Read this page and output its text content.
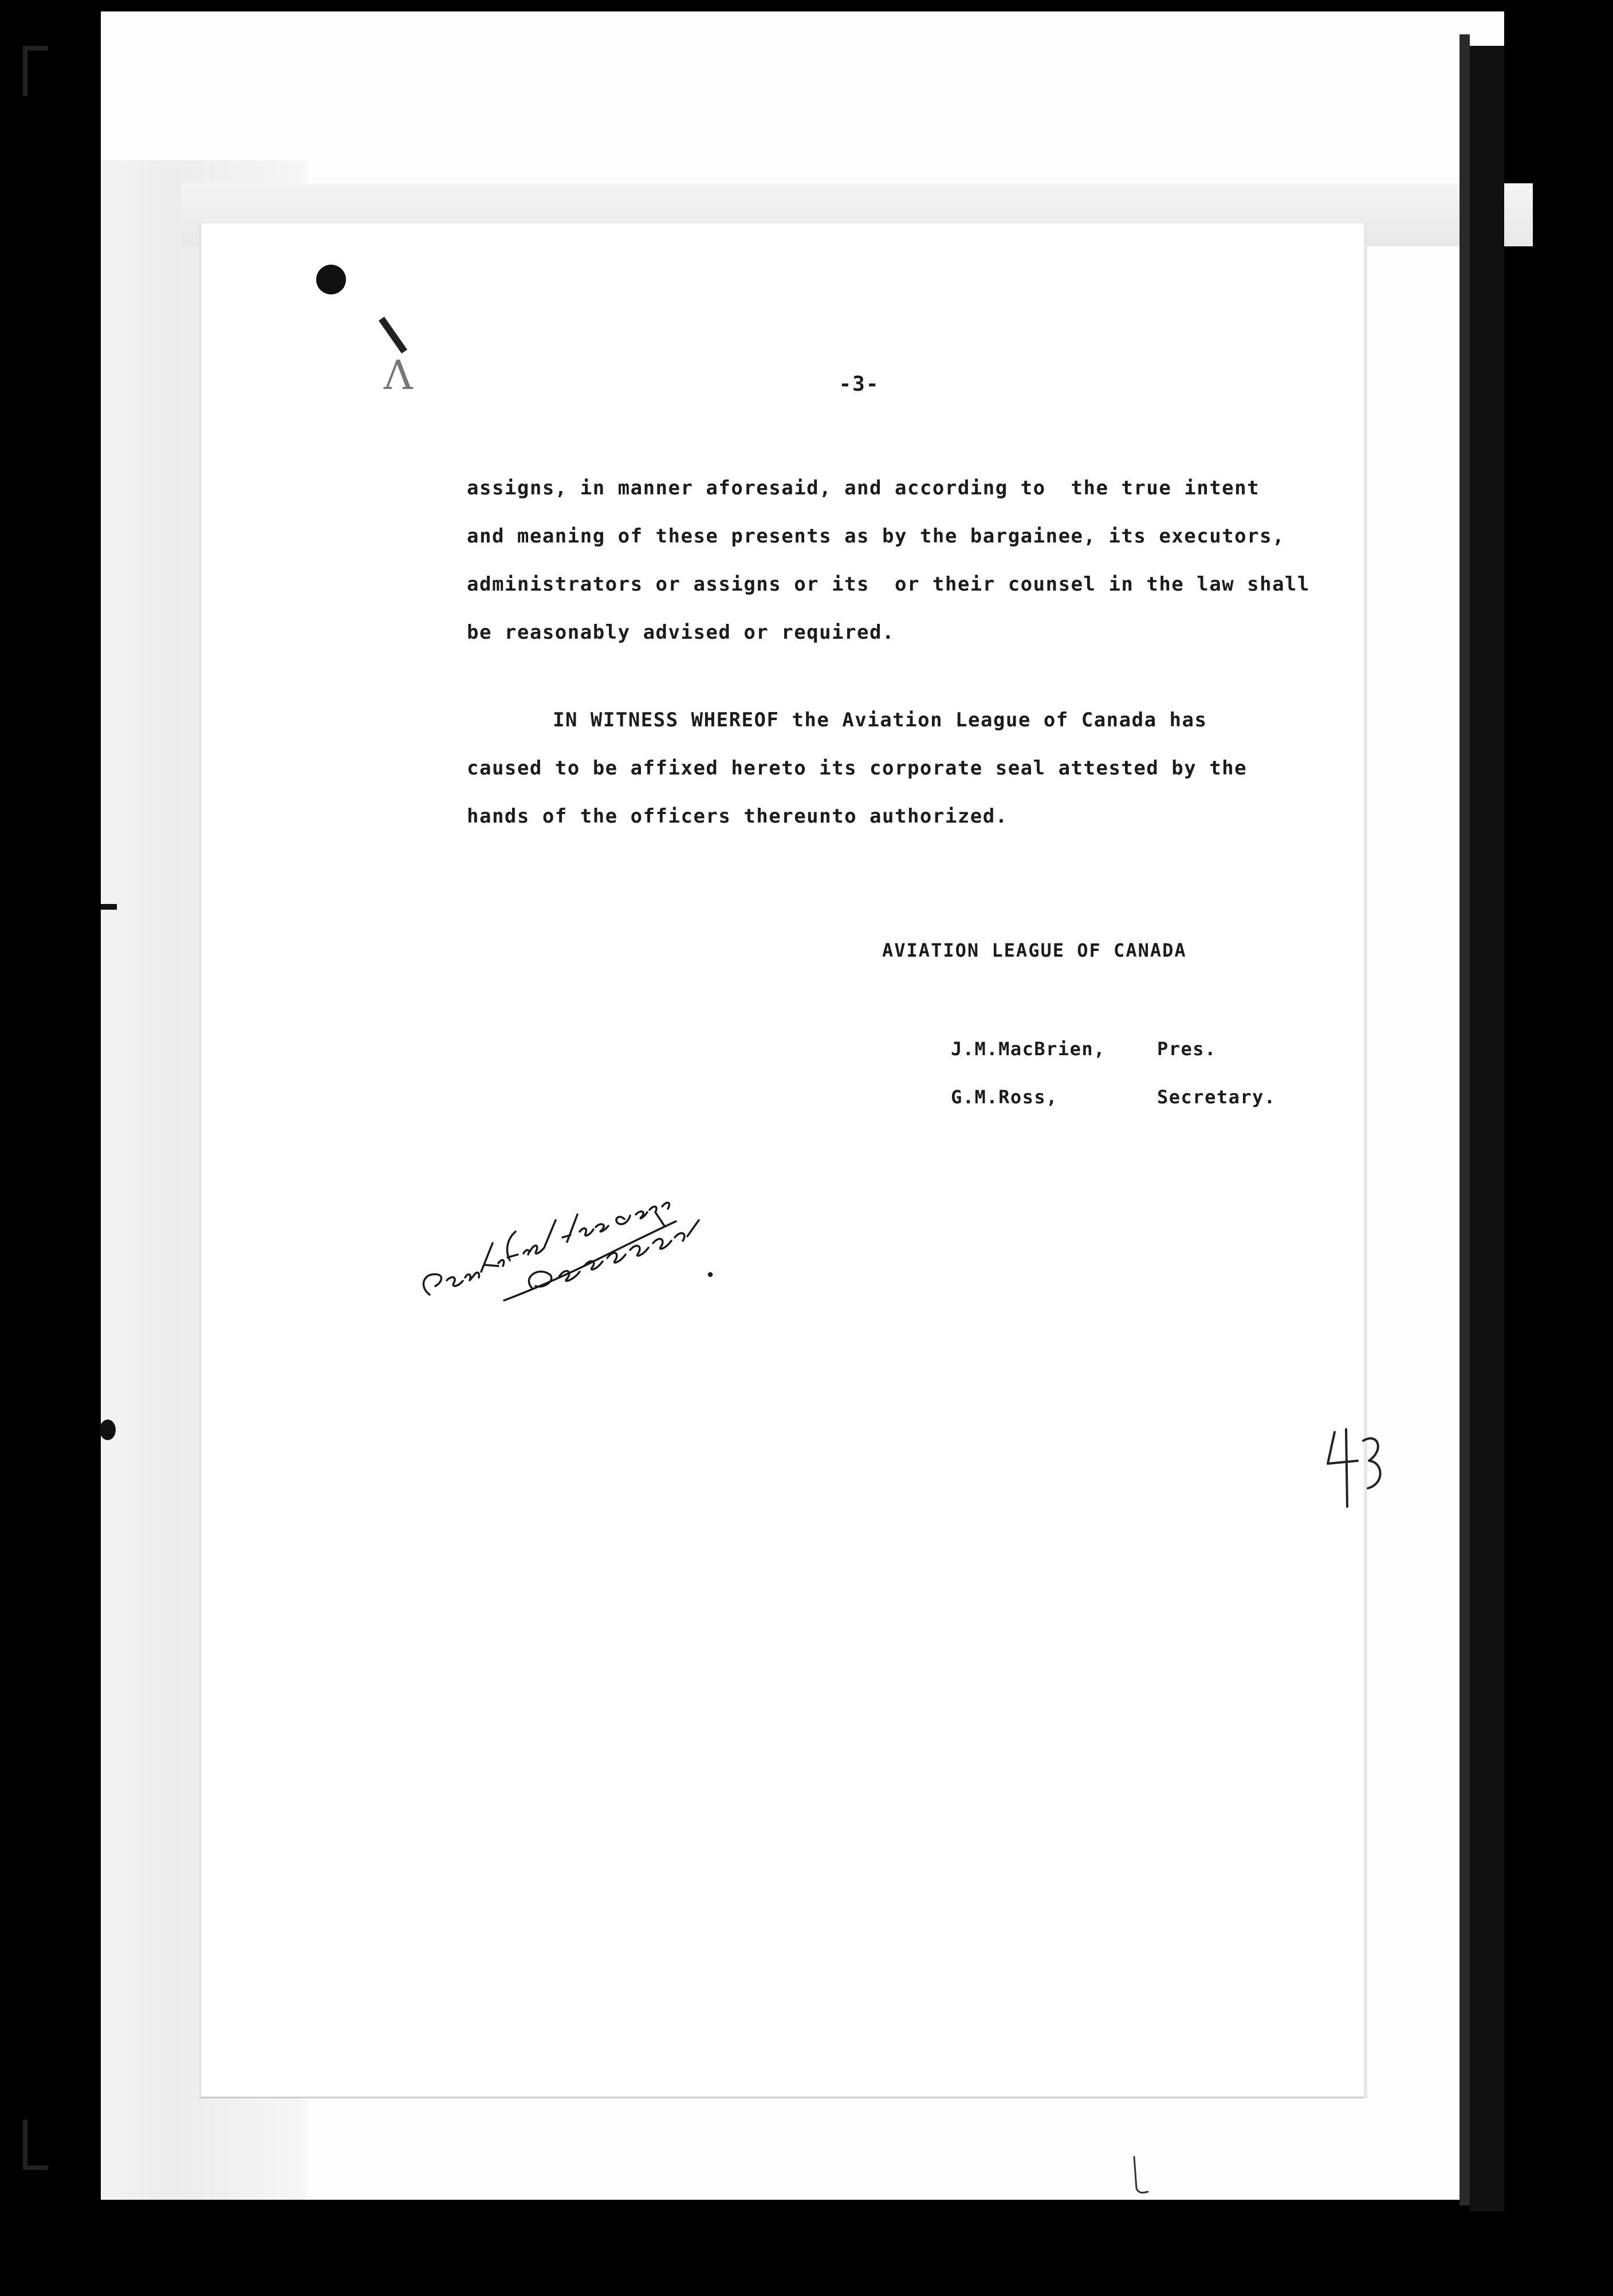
Ʌ	-3-
assigns, in manner aforesaid, and according to  the true intent
and meaning of these presents as by the bargainee, its executors,
administrators or assigns or its  or their counsel in the law shall
be reasonably advised or required.
IN WITNESS WHEREOF the Aviation League of Canada has
caused to be affixed hereto its corporate seal attested by the
hands of the officers thereunto authorized.
AVIATION LEAGUE OF CANADA
J.M.MacBrien,	Pres.
G.M.Ross,	Secretary.
